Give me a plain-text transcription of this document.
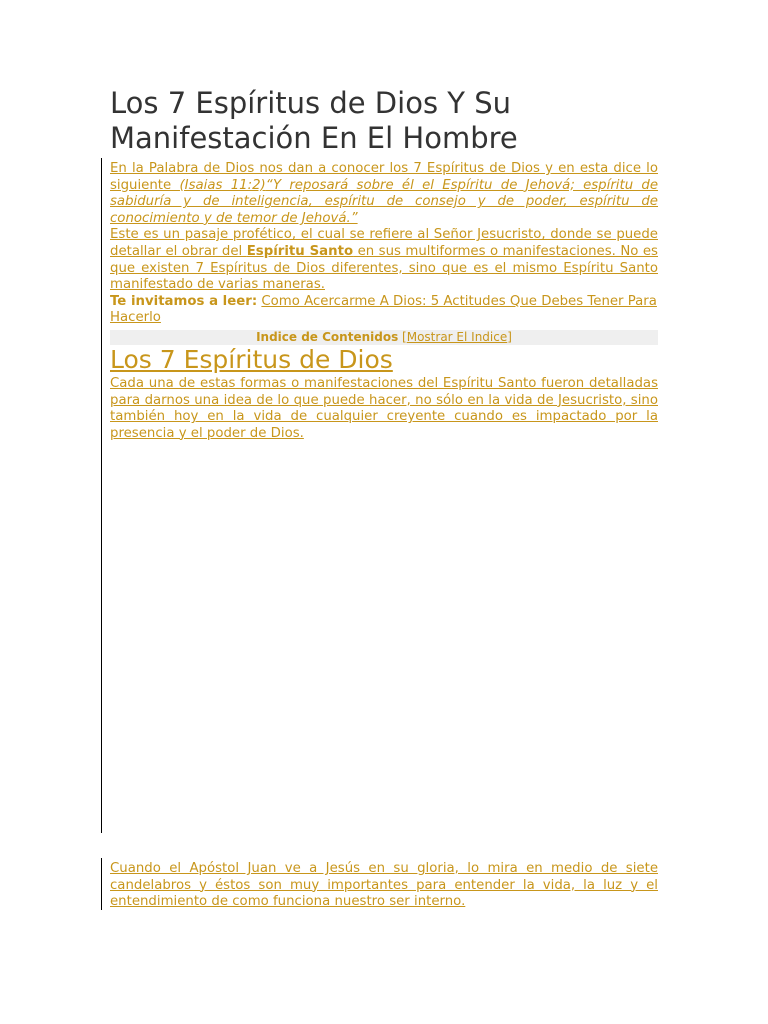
Los 7 Espíritus de Dios Y Su Manifestación En El Hombre

En la Palabra de Dios nos dan a conocer los 7 Espíritus de Dios y en esta dice lo siguiente (Isaias 11:2)“Y reposará sobre él el Espíritu de Jehová; espíritu de sabiduría y de inteligencia, espíritu de consejo y de poder, espíritu de conocimiento y de temor de Jehová.”

Este es un pasaje profético, el cual se refiere al Señor Jesucristo, donde se puede detallar el obrar del Espíritu Santo en sus multiformes o manifestaciones. No es que existen 7 Espíritus de Dios diferentes, sino que es el mismo Espíritu Santo manifestado de varias maneras.

Te invitamos a leer: Como Acercarme A Dios: 5 Actitudes Que Debes Tener Para Hacerlo

Indice de Contenidos [Mostrar El Indice]
Los 7 Espíritus de Dios

Cada una de estas formas o manifestaciones del Espíritu Santo fueron detalladas para darnos una idea de lo que puede hacer, no sólo en la vida de Jesucristo, sino también hoy en la vida de cualquier creyente cuando es impactado por la presencia y el poder de Dios.

Cuando el Apóstol Juan ve a Jesús en su gloria, lo mira en medio de siete candelabros y éstos son muy importantes para entender la vida, la luz y el entendimiento de como funciona nuestro ser interno.
